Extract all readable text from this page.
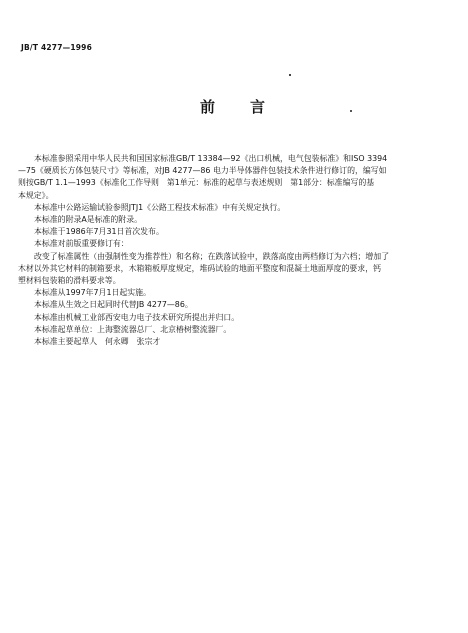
JB/T 4277—1996
前 言

本标准参照采用中华人民共和国国家标准GB/T 13384—92《出口机械，电气包装标准》和ISO 3394

—75《硬质长方体包装尺寸》等标准，对JB 4277—86 电力半导体器件包装技术条件进行修订的，编写如

则按GB/T 1.1—1993《标准化工作导则　第1单元：标准的起草与表述规则　第1部分：标准编写的基

本规定》。

本标准中公路运输试验参照JTJ1《公路工程技术标准》中有关规定执行。

本标准的附录A是标准的附录。

本标准于1986年7月31日首次发布。

本标准对前版重要修订有：

改变了标准属性（由强制性变为推荐性）和名称；在跌落试验中，跌落高度由两档修订为六档；增加了

木材以外其它材料的制箱要求，木箱箱板厚度规定，堆码试验的地面平整度和混凝土地面厚度的要求，钙

塑材料包装箱的滑料要求等。

本标准从1997年7月1日起实施。

本标准从生效之日起同时代替JB 4277—86。

本标准由机械工业部西安电力电子技术研究所提出并归口。

本标准起草单位：上海整流器总厂、北京椿树整流器厂。

本标准主要起草人　何永卿　张宗才
